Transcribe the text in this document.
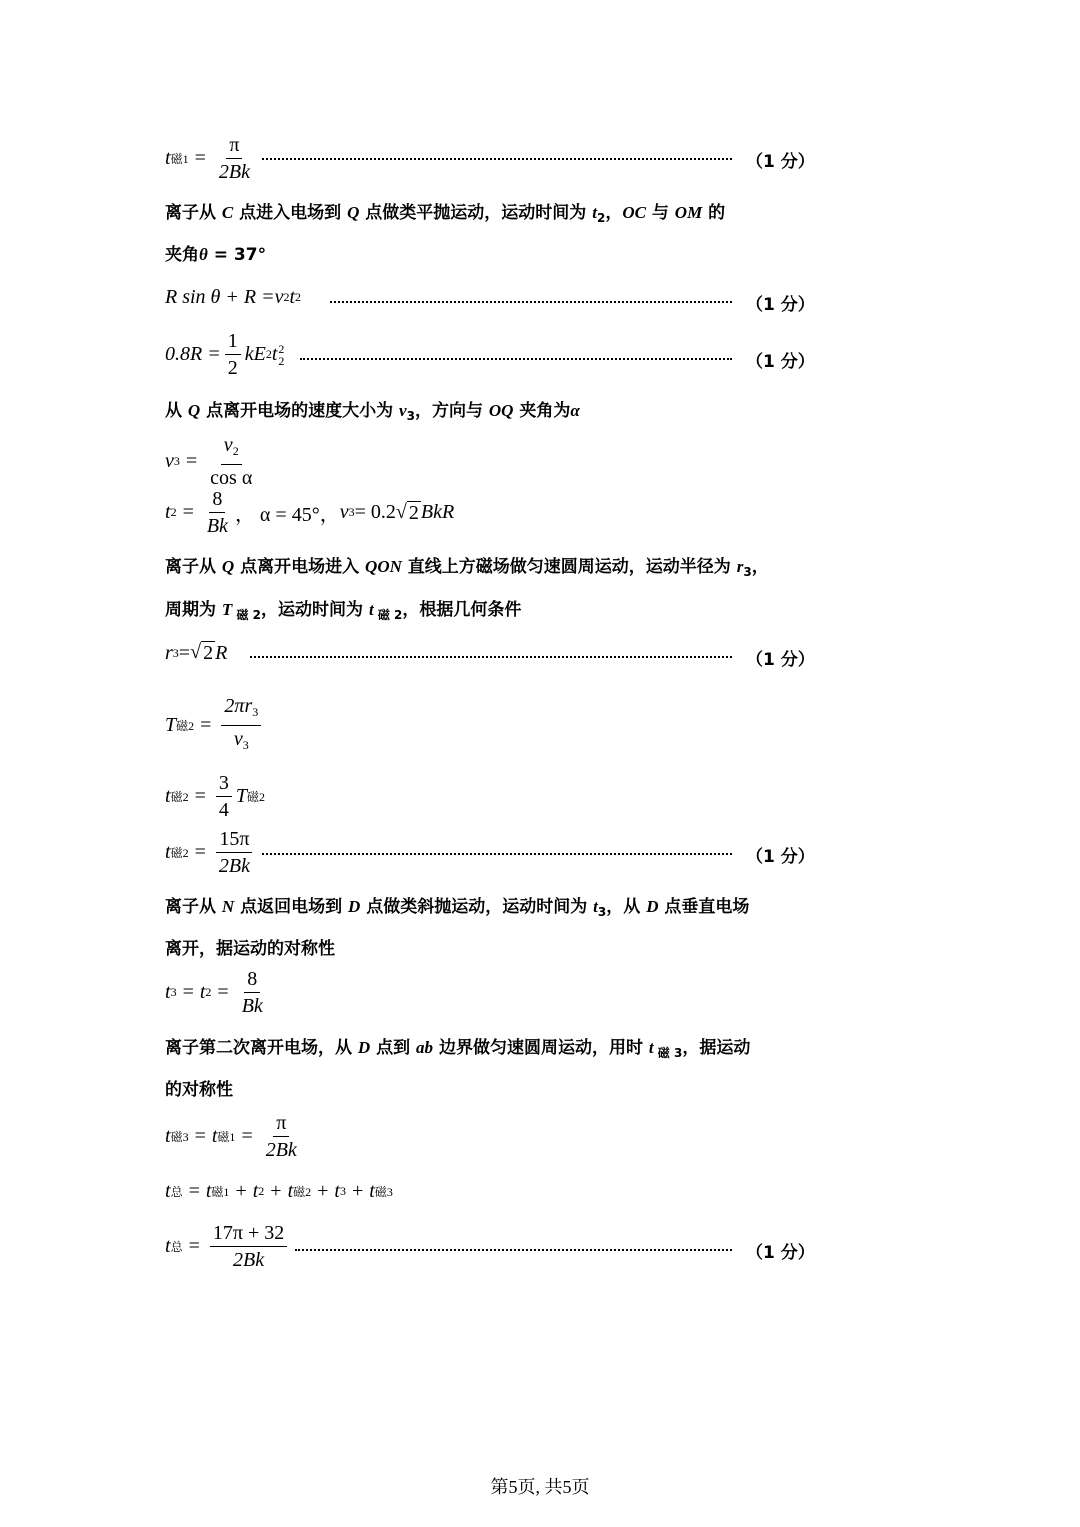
t 磁$1 = \frac{\pi}{2Bk}$	（1 分）
离子从 C 点进入电场到 Q 点做类平抛运动，运动时间为 $t_2$，OC 与 OM 的
夹角θ = 37°
R sin θ + R = v 2 t 2	（1 分）
$0.8R = \frac{1}{2}$ kE 2 t 2
2	（1 分）
从 Q 点离开电场的速度大小为 $v_3$，方向与 OQ 夹角为α
v $3 = \frac{v_2}{\text{cos α}}$
t $2 = \frac{8}{Bk}$ ， α = 45°， v 3 = 0.2 √ 2 BkR
离子从 Q 点离开电场进入 QON 直线上方磁场做匀速圆周运动，运动半径为 $r_3$，
周期为 T $_{磁 2}$，运动时间为 t $_{磁 2}$，根据几何条件
r 3 = √ 2 R	（1 分）
T 磁$2 = \frac{2\pi r_3}{v_3}$
t 磁$2 = \frac{3}{4}$ T 磁2
t 磁$2 = \frac{15\pi}{2Bk}$	（1 分）
离子从 N 点返回电场到 D 点做类斜抛运动，运动时间为 $t_3$，从 D 点垂直电场
离开，据运动的对称性
t 3 = t $2 = \frac{8}{Bk}$
离子第二次离开电场，从 D 点到 ab 边界做匀速圆周运动，用时 t $_{磁 3}$，据运动
的对称性
t 磁3 = t 磁$1 = \frac{\pi}{2Bk}$
t 总 = t 磁1 + t 2 + t 磁2 + t 3 + t 磁3
t 总 = $\frac{17\pi + 32}{2Bk}$	（1 分）
第5页, 共5页
